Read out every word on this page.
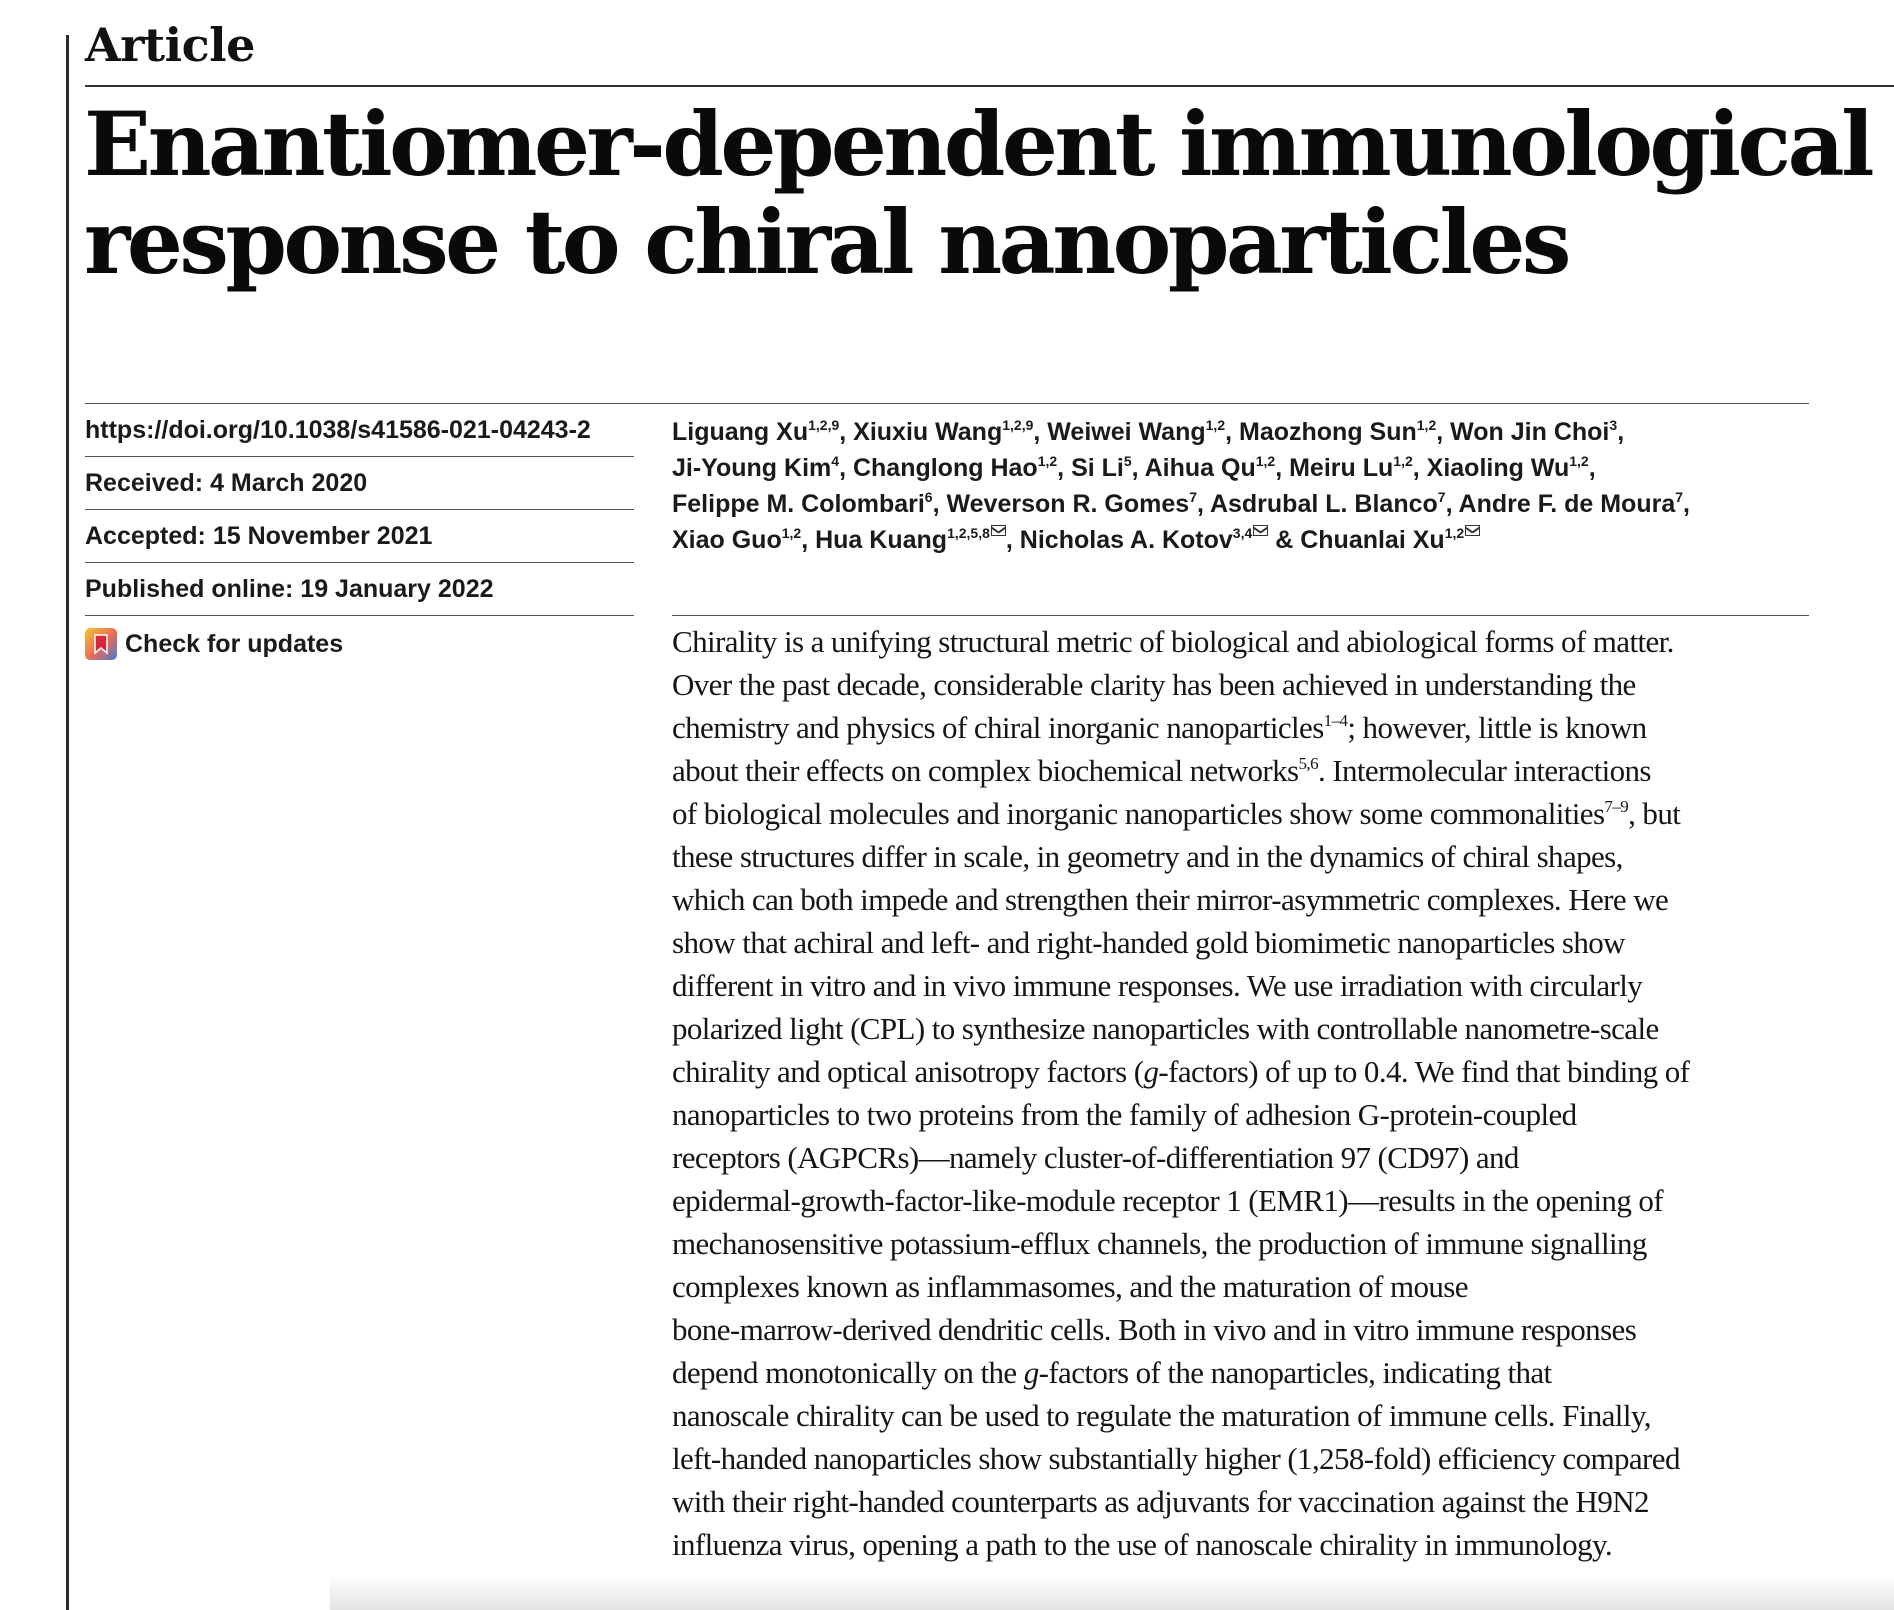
Article
Enantiomer-dependent immunological
response to chiral nanoparticles
https://doi.org/10.1038/s41586-021-04243-2
Received: 4 March 2020
Accepted: 15 November 2021
Published online: 19 January 2022
Check for updates
Liguang Xu$^{1,2,9}$, Xiuxiu Wang$^{1,2,9}$, Weiwei Wang$^{1,2}$, Maozhong Sun$^{1,2}$, Won Jin Choi$^3$,
Ji-Young Kim$^4$, Changlong Hao$^{1,2}$, Si Li$^5$, Aihua Qu$^{1,2}$, Meiru Lu$^{1,2}$, Xiaoling Wu$^{1,2}$,
Felippe M. Colombari$^6$, Weverson R. Gomes$^7$, Asdrubal L. Blanco$^7$, Andre F. de Moura$^7$,
Xiao Guo$^{1,2}$, Hua Kuang$^{1,2,5,8}$ , Nicholas A. Kotov$^{3,4}$ & Chuanlai Xu$^{1,2}$
Chirality is a unifying structural metric of biological and abiological forms of matter.
Over the past decade, considerable clarity has been achieved in understanding the
chemistry and physics of chiral inorganic nanoparticles$^{1-4}$; however, little is known
about their effects on complex biochemical networks$^{5,6}$. Intermolecular interactions
of biological molecules and inorganic nanoparticles show some commonalities$^{7-9}$, but
these structures differ in scale, in geometry and in the dynamics of chiral shapes,
which can both impede and strengthen their mirror-asymmetric complexes. Here we
show that achiral and left- and right-handed gold biomimetic nanoparticles show
different in vitro and in vivo immune responses. We use irradiation with circularly
polarized light (CPL) to synthesize nanoparticles with controllable nanometre-scale
chirality and optical anisotropy factors (g-factors) of up to 0.4. We find that binding of
nanoparticles to two proteins from the family of adhesion G-protein-coupled
receptors (AGPCRs)—namely cluster-of-differentiation 97 (CD97) and
epidermal-growth-factor-like-module receptor 1 (EMR1)—results in the opening of
mechanosensitive potassium-efflux channels, the production of immune signalling
complexes known as inflammasomes, and the maturation of mouse
bone-marrow-derived dendritic cells. Both in vivo and in vitro immune responses
depend monotonically on the g-factors of the nanoparticles, indicating that
nanoscale chirality can be used to regulate the maturation of immune cells. Finally,
left-handed nanoparticles show substantially higher (1,258-fold) efficiency compared
with their right-handed counterparts as adjuvants for vaccination against the H9N2
influenza virus, opening a path to the use of nanoscale chirality in immunology.
